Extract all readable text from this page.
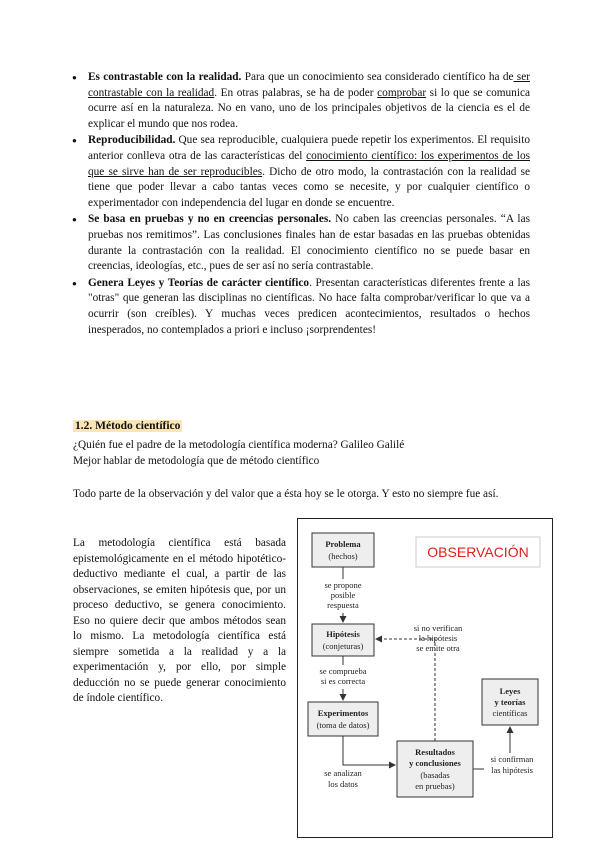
● Es contrastable con la realidad. Para que un conocimiento sea considerado científico ha de ser contrastable con la realidad. En otras palabras, se ha de poder comprobar si lo que se comunica ocurre así en la naturaleza. No en vano, uno de los principales objetivos de la ciencia es el de explicar el mundo que nos rodea.
● Reproducibilidad. Que sea reproducible, cualquiera puede repetir los experimentos. El requisito anterior conlleva otra de las características del conocimiento científico: los experimentos de los que se sirve han de ser reproducibles. Dicho de otro modo, la contrastación con la realidad se tiene que poder llevar a cabo tantas veces como se necesite, y por cualquier científico o experimentador con independencia del lugar en donde se encuentre.
● Se basa en pruebas y no en creencias personales. No caben las creencias personales. “A las pruebas nos remitimos”. Las conclusiones finales han de estar basadas en las pruebas obtenidas durante la contrastación con la realidad. El conocimiento científico no se puede basar en creencias, ideologías, etc., pues de ser así no sería contrastable.
● Genera Leyes y Teorías de carácter científico. Presentan características diferentes frente a las "otras" que generan las disciplinas no científicas. No hace falta comprobar/verificar lo que va a ocurrir (son creíbles). Y muchas veces predicen acontecimientos, resultados o hechos inesperados, no contemplados a priori e incluso ¡sorprendentes!
1.2. Método científico
¿Quién fue el padre de la metodología científica moderna? Galileo Galilé
Mejor hablar de metodología que de método científico
Todo parte de la observación y del valor que a ésta hoy se le otorga. Y esto no siempre fue así.
La metodología científica está basada epistemológicamente en el método hipotético-deductivo mediante el cual, a partir de las observaciones, se emiten hipótesis que, por un proceso deductivo, se genera conocimiento. Eso no quiere decir que ambos métodos sean lo mismo. La metodología científica está siempre sometida a la realidad y a la experimentación y, por ello, por simple deducción no se puede generar conocimiento de índole científico.
OBSERVACIÓN
Problema
(hechos)
se propone
posible
respuesta
Hipótesis
(conjeturas)
se comprueba
si es correcta
Experimentos
(toma de datos)
se analizan
los datos
Resultados
y conclusiones
(basadas
en pruebas)
si no verifican
la hipótesis
se emite otra
Leyes
y teorías
científicas
si confirman
las hipótesis
